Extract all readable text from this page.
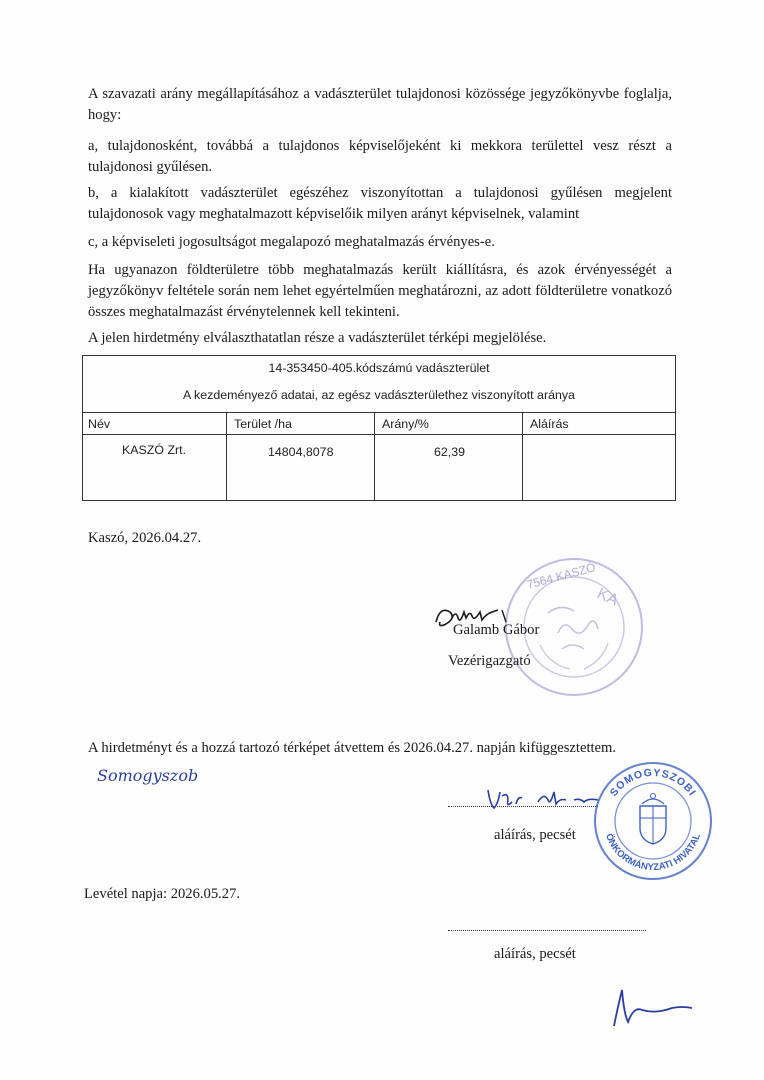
A szavazati arány megállapításához a vadászterület tulajdonosi közössége jegyzőkönyvbe foglalja, hogy:

a, tulajdonosként, továbbá a tulajdonos képviselőjeként ki mekkora területtel vesz részt a tulajdonosi gyűlésen.

b, a kialakított vadászterület egészéhez viszonyítottan a tulajdonosi gyűlésen megjelent tulajdonosok vagy meghatalmazott képviselőik milyen arányt képviselnek, valamint

c, a képviseleti jogosultságot megalapozó meghatalmazás érvényes-e.

Ha ugyanazon földterületre több meghatalmazás került kiállításra, és azok érvényességét a jegyzőkönyv feltétele során nem lehet egyértelműen meghatározni, az adott földterületre vonatkozó összes meghatalmazást érvénytelennek kell tekinteni.

A jelen hirdetmény elválaszthatatlan része a vadászterület térképi megjelölése.

14-353450-405.kódszámú vadászterület
A kezdeményező adatai, az egész vadászterülethez viszonyított aránya
Név	Terület /ha	Arány/%	Aláírás
KASZÓ Zrt.	14804,8078	62,39

Kaszó, 2026.04.27.

7564 KASZÓ
KA

Galamb Gábor

Vezérigazgató

A hirdetményt és a hozzá tartozó térképet átvettem és 2026.04.27. napján kifüggesztettem.

Somogyszob

aláírás, pecsét

SOMOGYSZOBI
ÖNKORMÁNYZATI HIVATAL

Levétel napja: 2026.05.27.

aláírás, pecsét
